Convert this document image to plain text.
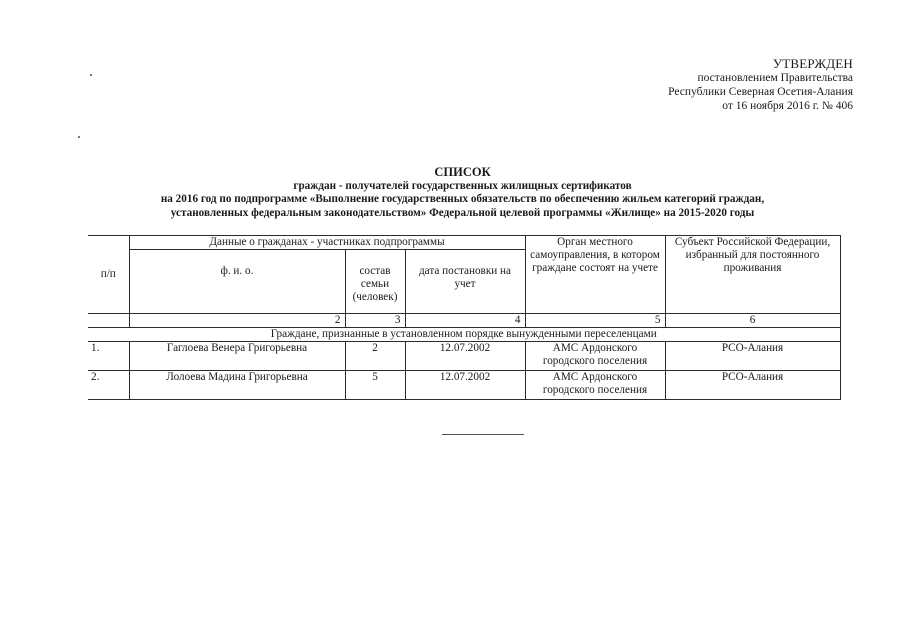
УТВЕРЖДЕН
постановлением Правительства
Республики Северная Осетия-Алания
от 16 ноября 2016 г. № 406
СПИСОК
граждан - получателей государственных жилищных сертификатов
на 2016 год по подпрограмме «Выполнение государственных обязательств по обеспечению жильем категорий граждан,
установленных федеральным законодательством» Федеральной целевой программы «Жилище» на 2015-2020 годы
п/п	Данные о гражданах - участниках подпрограммы			Орган местного самоуправления, в котором граждане состоят на учете	Субъект Российской Федерации, избранный для постоянного проживания
	ф. и. о.	состав семьи (человек)	дата постановки на учет		
	2	3	4	5	6
Граждане, признанные в установленном порядке вынужденными переселенцами					
1.	Гаглоева Венера Григорьевна	2	12.07.2002	АМС Ардонского городского поселения	РСО-Алания
2.	Лолоева Мадина Григорьевна	5	12.07.2002	АМС Ардонского городского поселения	РСО-Алания
